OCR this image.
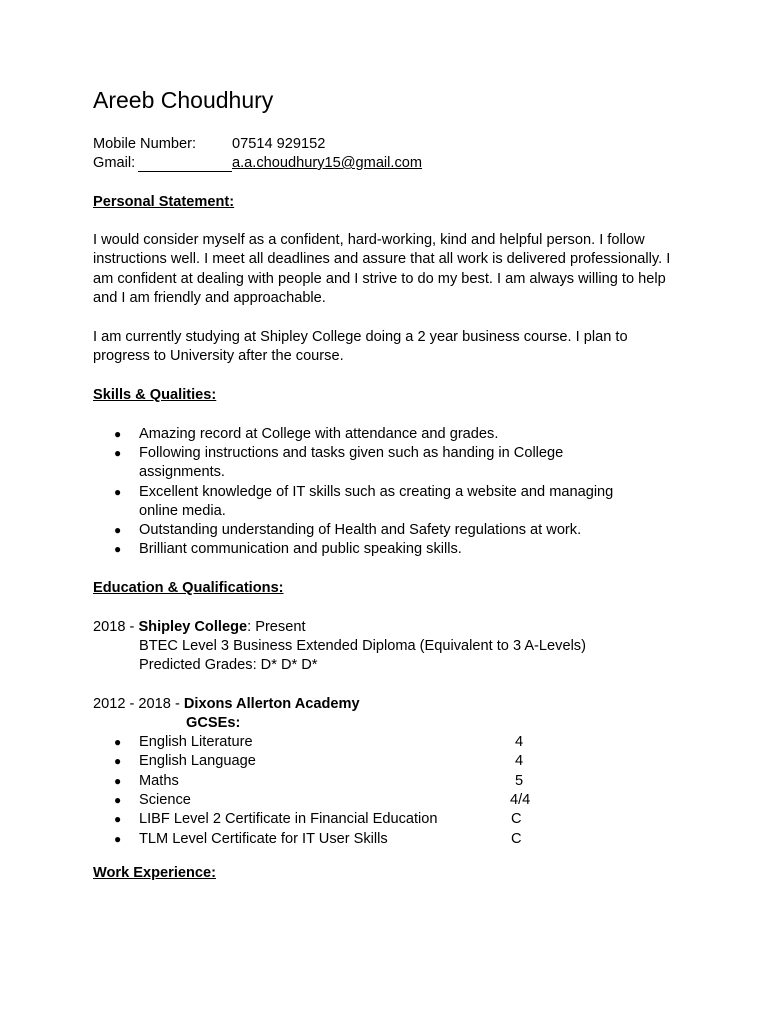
Areeb Choudhury
Mobile Number: 07514 929152
Gmail:	a.a.choudhury15@gmail.com
Personal Statement:
I would consider myself as a confident, hard-working, kind and helpful person. I follow instructions well. I meet all deadlines and assure that all work is delivered professionally. I am confident at dealing with people and I strive to do my best. I am always willing to help and I am friendly and approachable.
I am currently studying at Shipley College doing a 2 year business course. I plan to progress to University after the course.
Skills & Qualities:
● Amazing record at College with attendance and grades.
● Following instructions and tasks given such as handing in College assignments.
● Excellent knowledge of IT skills such as creating a website and managing online media.
● Outstanding understanding of Health and Safety regulations at work.
● Brilliant communication and public speaking skills.
Education & Qualifications:
2018 - Shipley College: Present
BTEC Level 3 Business Extended Diploma (Equivalent to 3 A-Levels)
Predicted Grades: D* D* D*
2012 - 2018 - Dixons Allerton Academy
GCSEs:
● English Literature	4
● English Language	4
● Maths	5
● Science	4/4
● LIBF Level 2 Certificate in Financial Education	C
● TLM Level Certificate for IT User Skills	C
Work Experience:
